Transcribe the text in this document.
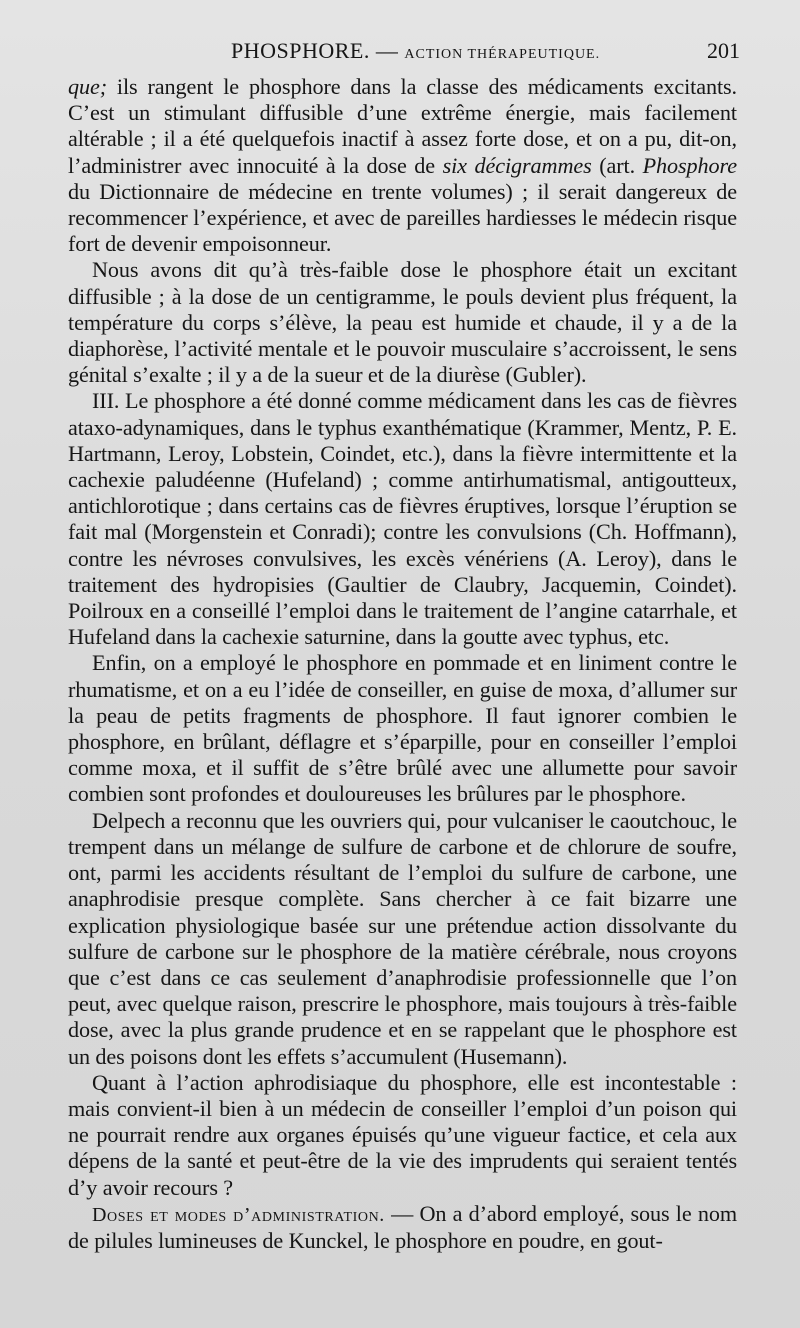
PHOSPHORE. — ACTION THÉRAPEUTIQUE.	201

que; ils rangent le phosphore dans la classe des médicaments excitants. C’est un stimulant diffusible d’une extrême énergie, mais facilement altérable ; il a été quelquefois inactif à assez forte dose, et on a pu, dit-on, l’administrer avec innocuité à la dose de six décigrammes (art. Phosphore du Dictionnaire de médecine en trente volumes) ; il serait dangereux de recommencer l’expérience, et avec de pareilles hardiesses le médecin risque fort de devenir empoisonneur.

Nous avons dit qu’à très-faible dose le phosphore était un excitant diffusible ; à la dose de un centigramme, le pouls devient plus fréquent, la température du corps s’élève, la peau est humide et chaude, il y a de la diaphorèse, l’activité mentale et le pouvoir musculaire s’accroissent, le sens génital s’exalte ; il y a de la sueur et de la diurèse (Gubler).

III. Le phosphore a été donné comme médicament dans les cas de fièvres ataxo-adynamiques, dans le typhus exanthématique (Krammer, Mentz, P. E. Hartmann, Leroy, Lobstein, Coindet, etc.), dans la fièvre intermittente et la cachexie paludéenne (Hufeland) ; comme antirhumatismal, antigoutteux, antichlorotique ; dans certains cas de fièvres éruptives, lorsque l’éruption se fait mal (Morgenstein et Conradi); contre les convulsions (Ch. Hoffmann), contre les névroses convulsives, les excès vénériens (A. Leroy), dans le traitement des hydropisies (Gaultier de Claubry, Jacquemin, Coindet). Poilroux en a conseillé l’emploi dans le traitement de l’angine catarrhale, et Hufeland dans la cachexie saturnine, dans la goutte avec typhus, etc.

Enfin, on a employé le phosphore en pommade et en liniment contre le rhumatisme, et on a eu l’idée de conseiller, en guise de moxa, d’allumer sur la peau de petits fragments de phosphore. Il faut ignorer combien le phosphore, en brûlant, déflagre et s’éparpille, pour en conseiller l’emploi comme moxa, et il suffit de s’être brûlé avec une allumette pour savoir combien sont profondes et douloureuses les brûlures par le phosphore.

Delpech a reconnu que les ouvriers qui, pour vulcaniser le caoutchouc, le trempent dans un mélange de sulfure de carbone et de chlorure de soufre, ont, parmi les accidents résultant de l’emploi du sulfure de carbone, une anaphrodisie presque complète. Sans chercher à ce fait bizarre une explication physiologique basée sur une prétendue action dissolvante du sulfure de carbone sur le phosphore de la matière cérébrale, nous croyons que c’est dans ce cas seulement d’anaphrodisie professionnelle que l’on peut, avec quelque raison, prescrire le phosphore, mais toujours à très-faible dose, avec la plus grande prudence et en se rappelant que le phosphore est un des poisons dont les effets s’accumulent (Husemann).

Quant à l’action aphrodisiaque du phosphore, elle est incontestable : mais convient-il bien à un médecin de conseiller l’emploi d’un poison qui ne pourrait rendre aux organes épuisés qu’une vigueur factice, et cela aux dépens de la santé et peut-être de la vie des imprudents qui seraient tentés d’y avoir recours ?

Doses et modes d’administration. — On a d’abord employé, sous le nom de pilules lumineuses de Kunckel, le phosphore en poudre, en gout-
